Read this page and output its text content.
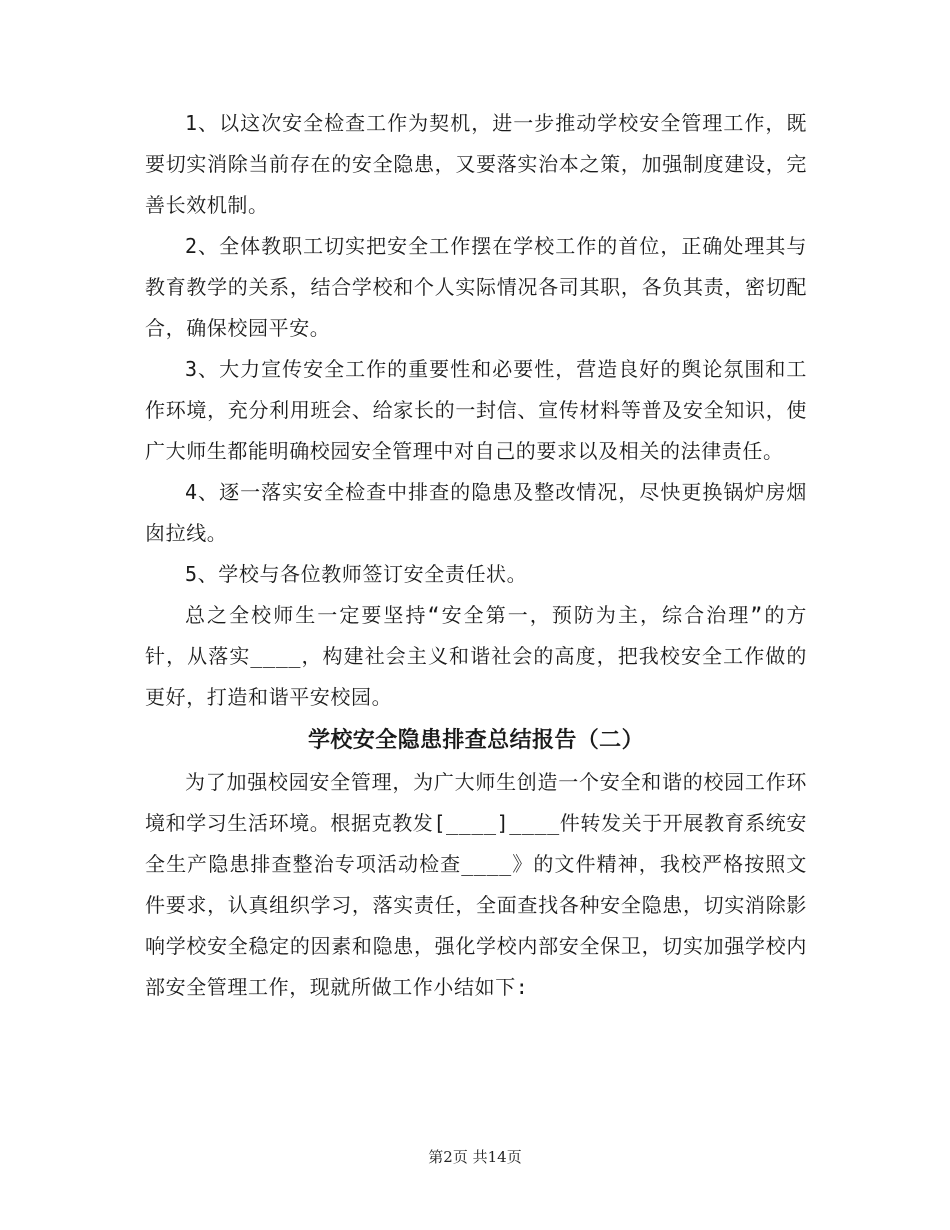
1、以这次安全检查工作为契机，进一步推动学校安全管理工作，既要切实消除当前存在的安全隐患，又要落实治本之策，加强制度建设，完善长效机制。

2、全体教职工切实把安全工作摆在学校工作的首位，正确处理其与教育教学的关系，结合学校和个人实际情况各司其职，各负其责，密切配合，确保校园平安。

3、大力宣传安全工作的重要性和必要性，营造良好的舆论氛围和工作环境，充分利用班会、给家长的一封信、宣传材料等普及安全知识，使广大师生都能明确校园安全管理中对自己的要求以及相关的法律责任。

4、逐一落实安全检查中排查的隐患及整改情况，尽快更换锅炉房烟囱拉线。

5、学校与各位教师签订安全责任状。

总之全校师生一定要坚持“安全第一，预防为主，综合治理”的方针，从落实____，构建社会主义和谐社会的高度，把我校安全工作做的更好，打造和谐平安校园。

学校安全隐患排查总结报告（二）

为了加强校园安全管理，为广大师生创造一个安全和谐的校园工作环境和学习生活环境。根据克教发[____]____件转发关于开展教育系统安全生产隐患排查整治专项活动检查____》的文件精神，我校严格按照文件要求，认真组织学习，落实责任，全面查找各种安全隐患，切实消除影响学校安全稳定的因素和隐患，强化学校内部安全保卫，切实加强学校内部安全管理工作，现就所做工作小结如下:

第2页 共14页
